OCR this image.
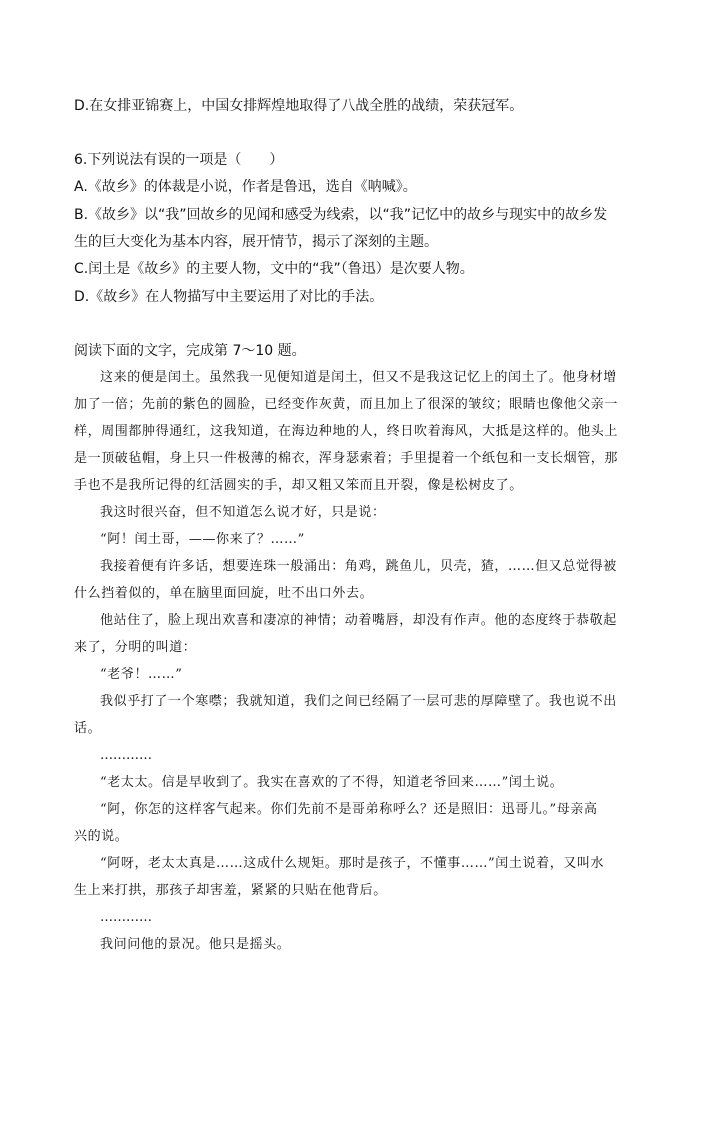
D.在女排亚锦赛上，中国女排辉煌地取得了八战全胜的战绩，荣获冠军。
6.下列说法有误的一项是（　　）
A.《故乡》的体裁是小说，作者是鲁迅，选自《呐喊》。
B.《故乡》以“我”回故乡的见闻和感受为线索，以“我”记忆中的故乡与现实中的故乡发
生的巨大变化为基本内容，展开情节，揭示了深刻的主题。
C.闰土是《故乡》的主要人物，文中的“我”（鲁迅）是次要人物。
D.《故乡》在人物描写中主要运用了对比的手法。
阅读下面的文字，完成第 7～10 题。
这来的便是闰土。虽然我一见便知道是闰土，但又不是我这记忆上的闰土了。他身材增
加了一倍；先前的紫色的圆脸，已经变作灰黄，而且加上了很深的皱纹；眼睛也像他父亲一
样，周围都肿得通红，这我知道，在海边种地的人，终日吹着海风，大抵是这样的。他头上
是一顶破毡帽，身上只一件极薄的棉衣，浑身瑟索着；手里提着一个纸包和一支长烟管，那
手也不是我所记得的红活圆实的手，却又粗又笨而且开裂，像是松树皮了。
我这时很兴奋，但不知道怎么说才好，只是说：
“阿！闰土哥，——你来了？……”
我接着便有许多话，想要连珠一般涌出：角鸡，跳鱼儿，贝壳，猹，……但又总觉得被
什么挡着似的，单在脑里面回旋，吐不出口外去。
他站住了，脸上现出欢喜和凄凉的神情；动着嘴唇，却没有作声。他的态度终于恭敬起
来了，分明的叫道：
“老爷！……”
我似乎打了一个寒噤；我就知道，我们之间已经隔了一层可悲的厚障壁了。我也说不出
话。
…………
“老太太。信是早收到了。我实在喜欢的了不得，知道老爷回来……”闰土说。
“阿，你怎的这样客气起来。你们先前不是哥弟称呼么？还是照旧：迅哥儿。”母亲高
兴的说。
“阿呀，老太太真是……这成什么规矩。那时是孩子，不懂事……”闰土说着，又叫水
生上来打拱，那孩子却害羞，紧紧的只贴在他背后。
…………
我问问他的景况。他只是摇头。
